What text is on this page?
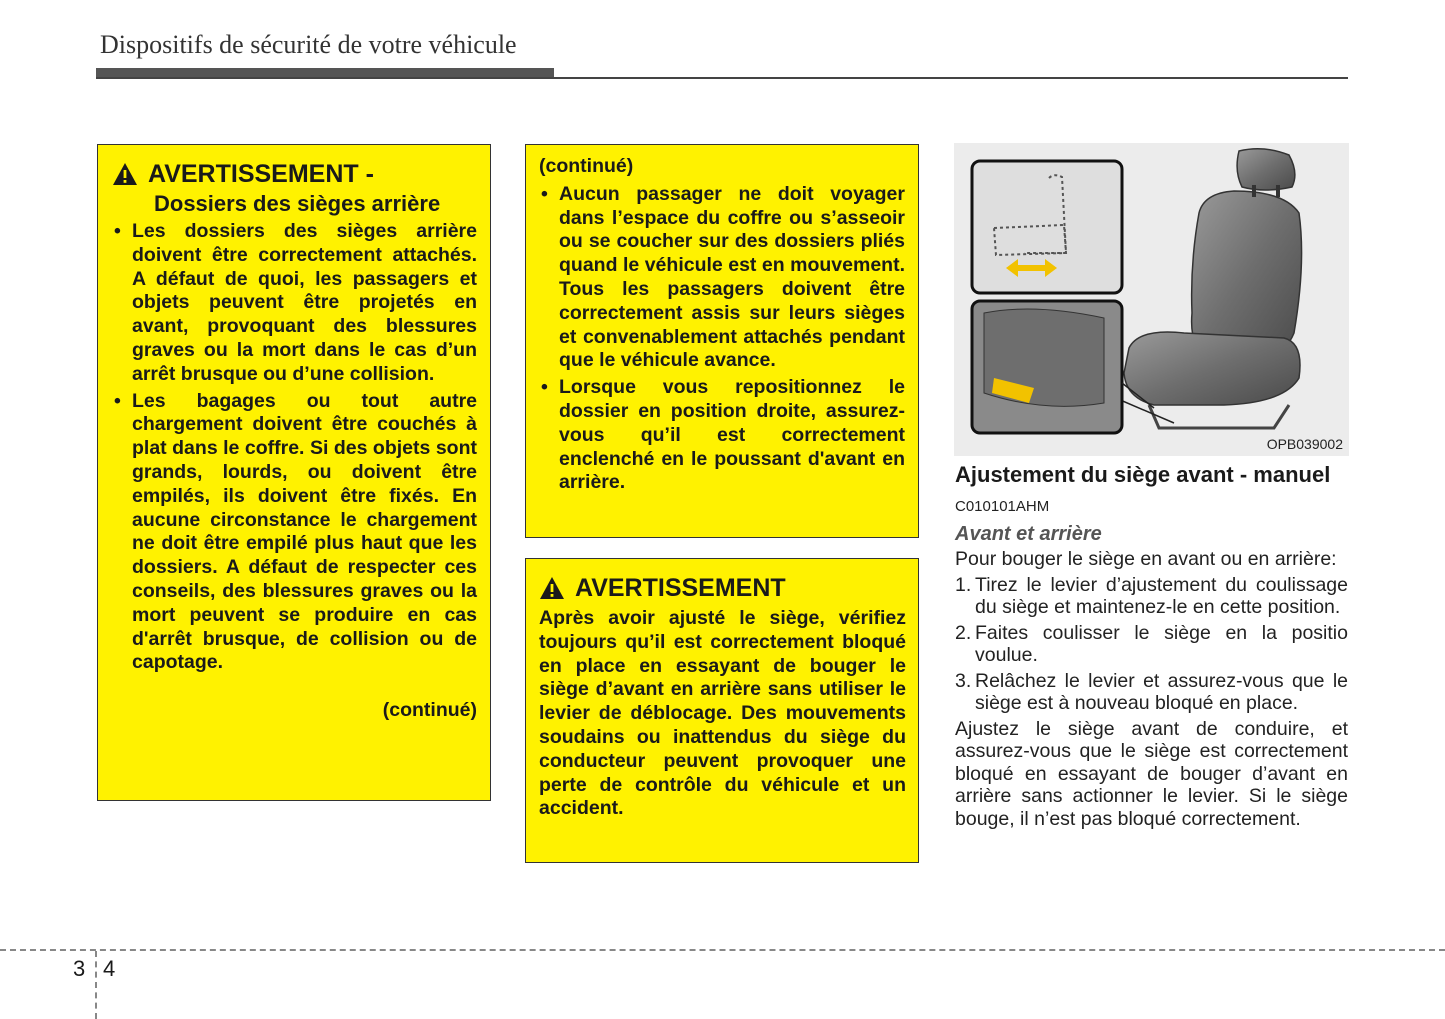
Dispositifs de sécurité de votre véhicule
AVERTISSEMENT -
Dossiers des sièges arrière
• Les dossiers des sièges arrière doivent être correctement attachés. A défaut de quoi, les passagers et objets peuvent être projetés en avant, provoquant des blessures graves ou la mort dans le cas d’un arrêt brusque ou d’une collision.
• Les bagages ou tout autre chargement doivent être couchés à plat dans le coffre. Si des objets sont grands, lourds, ou doivent être empilés, ils doivent être fixés. En aucune circonstance le chargement ne doit être empilé plus haut que les dossiers. A défaut de respecter ces conseils, des blessures graves ou la mort peuvent se produire en cas d'arrêt brusque, de collision ou de capotage.
(continué)
(continué)
• Aucun passager ne doit voyager dans l’espace du coffre ou s’asseoir ou se coucher sur des dossiers pliés quand le véhicule est en mouvement. Tous les passagers doivent être correctement assis sur leurs sièges et convenablement attachés pendant que le véhicule avance.
• Lorsque vous repositionnez le dossier en position droite, assurez-vous qu’il est correctement enclenché en le poussant d'avant en arrière.
AVERTISSEMENT
Après avoir ajusté le siège, vérifiez toujours qu’il est correctement bloqué en place en essayant de bouger le siège d’avant en arrière sans utiliser le levier de déblocage. Des mouvements soudains ou inattendus du siège du conducteur peuvent provoquer une perte de contrôle du véhicule et un accident.
OPB039002
Ajustement du siège avant - manuel
C010101AHM
Avant et arrière

Pour bouger le siège en avant ou en arrière:

1. Tirez le levier d’ajustement du coulissage du siège et maintenez-le en cette position.
2. Faites coulisser le siège en la positio voulue.
3. Relâchez le levier et assurez-vous que le siège est à nouveau bloqué en place.

Ajustez le siège avant de conduire, et assurez-vous que le siège est correctement bloqué en essayant de bouger d’avant en arrière sans actionner le levier. Si le siège bouge, il n’est pas bloqué correctement.

3 4
